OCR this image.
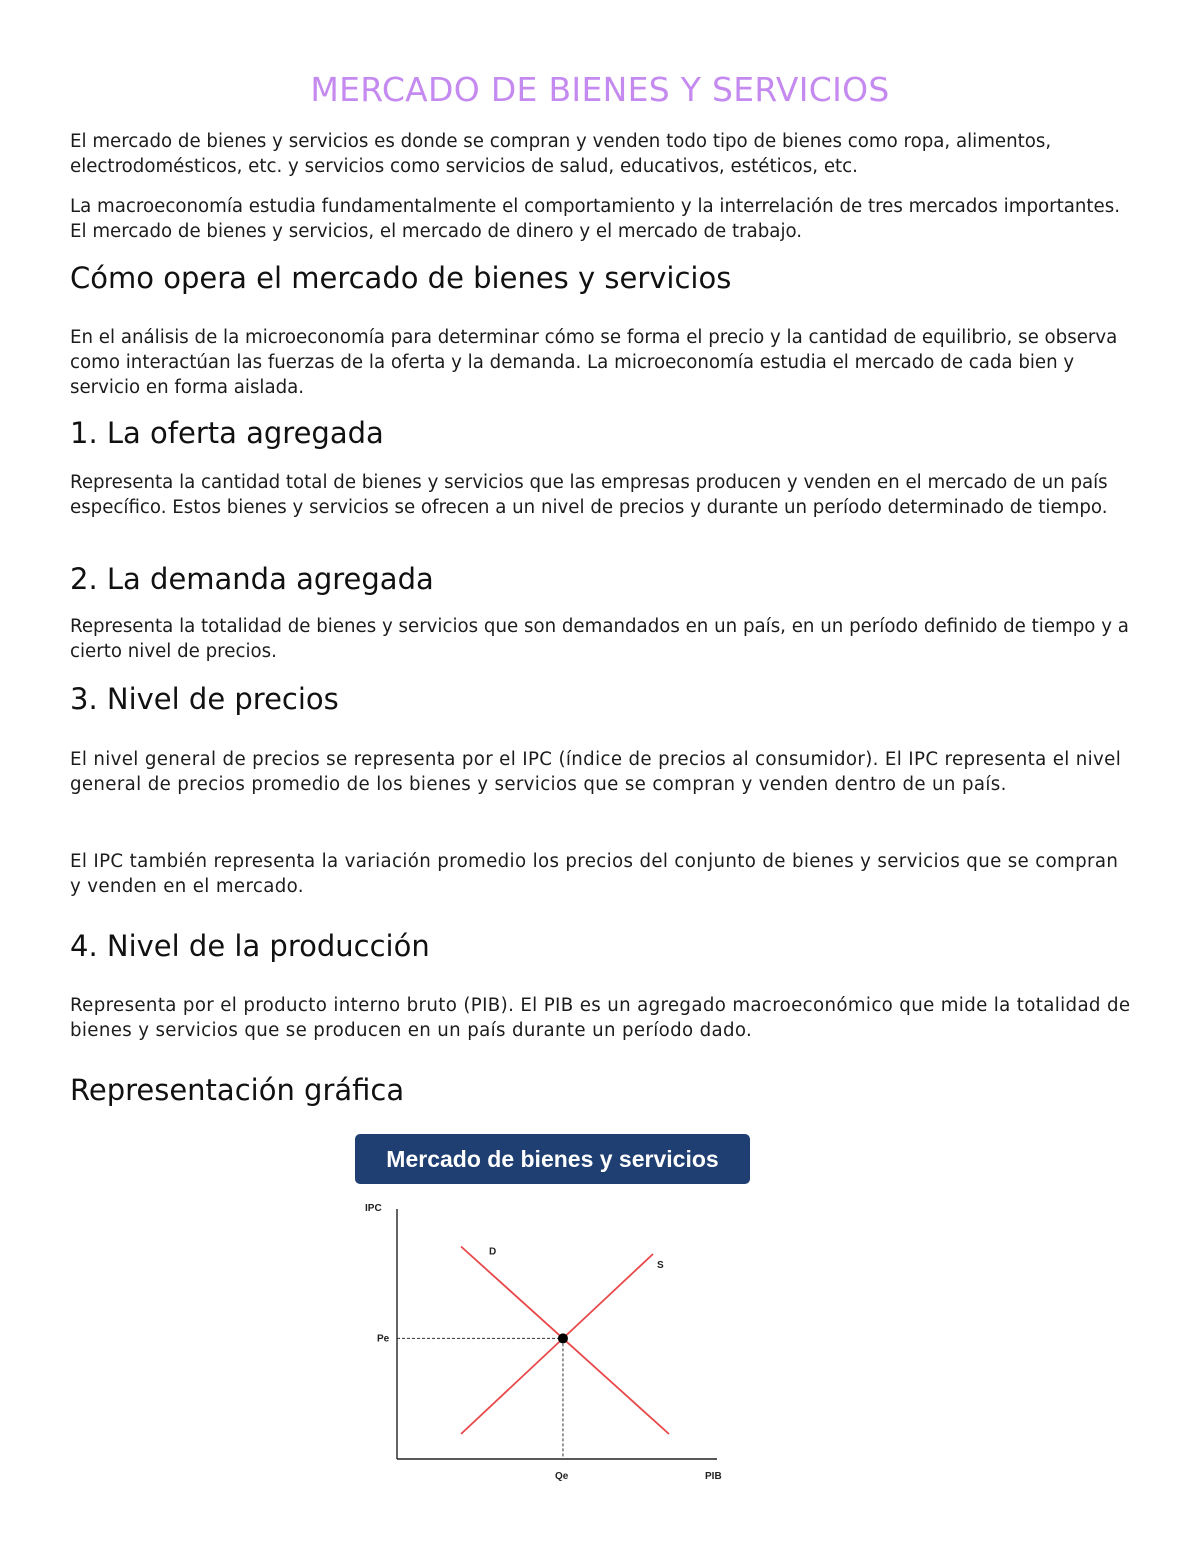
MERCADO DE BIENES Y SERVICIOS

El mercado de bienes y servicios es donde se compran y venden todo tipo de bienes como ropa, alimentos, electrodomésticos, etc. y servicios como servicios de salud, educativos, estéticos, etc.

La macroeconomía estudia fundamentalmente el comportamiento y la interrelación de tres mercados importantes. El mercado de bienes y servicios, el mercado de dinero y el mercado de trabajo.

Cómo opera el mercado de bienes y servicios

En el análisis de la microeconomía para determinar cómo se forma el precio y la cantidad de equilibrio, se observa como interactúan las fuerzas de la oferta y la demanda. La microeconomía estudia el mercado de cada bien y servicio en forma aislada.

1. La oferta agregada

Representa la cantidad total de bienes y servicios que las empresas producen y venden en el mercado de un país específico. Estos bienes y servicios se ofrecen a un nivel de precios y durante un período determinado de tiempo.

2. La demanda agregada

Representa la totalidad de bienes y servicios que son demandados en un país, en un período definido de tiempo y a cierto nivel de precios.

3. Nivel de precios

El nivel general de precios se representa por el IPC (índice de precios al consumidor). El IPC representa el nivel general de precios promedio de los bienes y servicios que se compran y venden dentro de un país.

El IPC también representa la variación promedio los precios del conjunto de bienes y servicios que se compran y venden en el mercado.

4. Nivel de la producción

Representa por el producto interno bruto (PIB). El PIB es un agregado macroeconómico que mide la totalidad de bienes y servicios que se producen en un país durante un período dado.

Representación gráfica
Mercado de bienes y servicios
IPC
PIB
D
S
Pe
Qe
